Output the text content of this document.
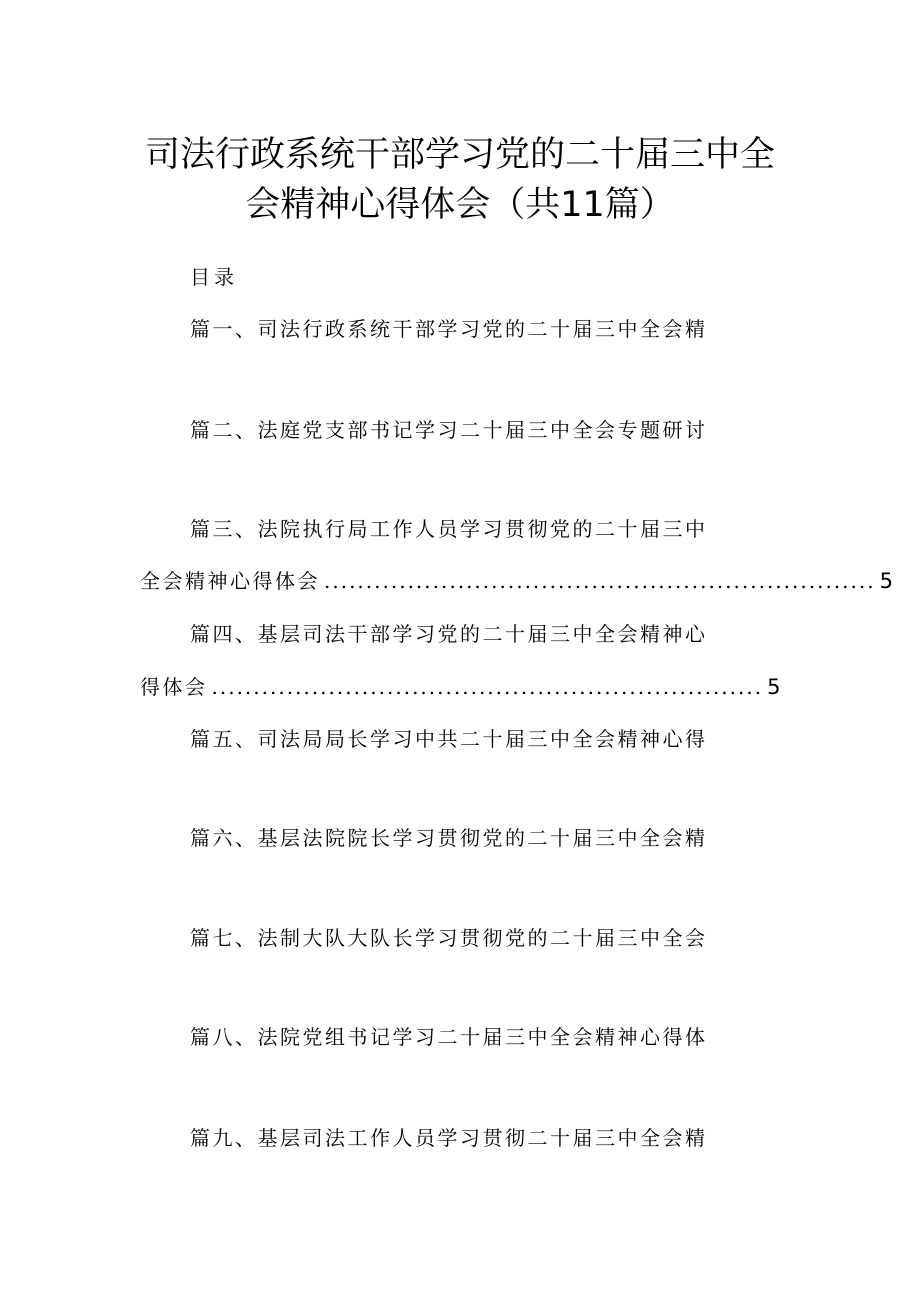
司法行政系统干部学习党的二十届三中全
会精神心得体会（共11篇）
目录
篇一、司法行政系统干部学习党的二十届三中全会精
篇二、法庭党支部书记学习二十届三中全会专题研讨
篇三、法院执行局工作人员学习贯彻党的二十届三中
全会精神心得体会 .................................................................. 5
篇四、基层司法干部学习党的二十届三中全会精神心
得体会 .................................................................. 5
篇五、司法局局长学习中共二十届三中全会精神心得
篇六、基层法院院长学习贯彻党的二十届三中全会精
篇七、法制大队大队长学习贯彻党的二十届三中全会
篇八、法院党组书记学习二十届三中全会精神心得体
篇九、基层司法工作人员学习贯彻二十届三中全会精
